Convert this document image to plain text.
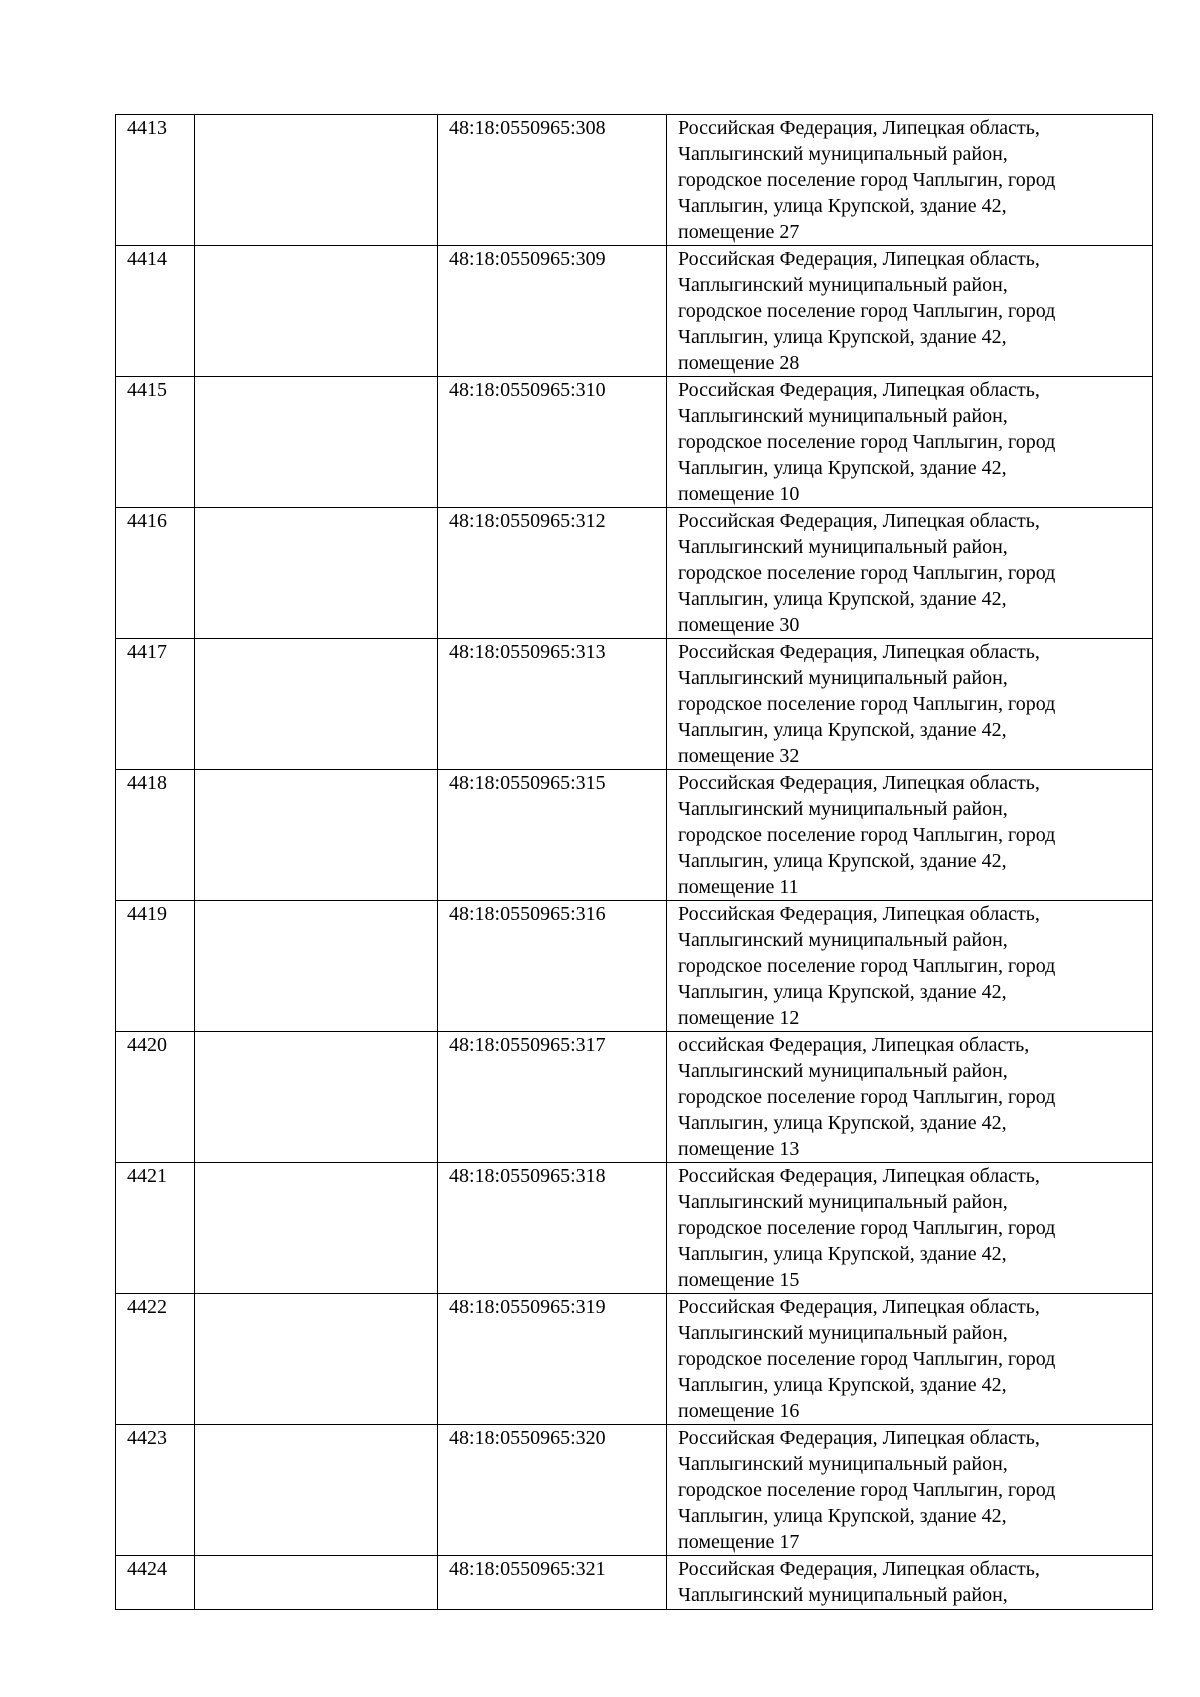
4413		48:18:0550965:308	Российская Федерация, Липецкая область,
Чаплыгинский муниципальный район,
городское поселение город Чаплыгин, город
Чаплыгин, улица Крупской, здание 42,
помещение 27

4414		48:18:0550965:309	Российская Федерация, Липецкая область,
Чаплыгинский муниципальный район,
городское поселение город Чаплыгин, город
Чаплыгин, улица Крупской, здание 42,
помещение 28

4415		48:18:0550965:310	Российская Федерация, Липецкая область,
Чаплыгинский муниципальный район,
городское поселение город Чаплыгин, город
Чаплыгин, улица Крупской, здание 42,
помещение 10

4416		48:18:0550965:312	Российская Федерация, Липецкая область,
Чаплыгинский муниципальный район,
городское поселение город Чаплыгин, город
Чаплыгин, улица Крупской, здание 42,
помещение 30

4417		48:18:0550965:313	Российская Федерация, Липецкая область,
Чаплыгинский муниципальный район,
городское поселение город Чаплыгин, город
Чаплыгин, улица Крупской, здание 42,
помещение 32

4418		48:18:0550965:315	Российская Федерация, Липецкая область,
Чаплыгинский муниципальный район,
городское поселение город Чаплыгин, город
Чаплыгин, улица Крупской, здание 42,
помещение 11

4419		48:18:0550965:316	Российская Федерация, Липецкая область,
Чаплыгинский муниципальный район,
городское поселение город Чаплыгин, город
Чаплыгин, улица Крупской, здание 42,
помещение 12

4420		48:18:0550965:317	оссийская Федерация, Липецкая область,
Чаплыгинский муниципальный район,
городское поселение город Чаплыгин, город
Чаплыгин, улица Крупской, здание 42,
помещение 13

4421		48:18:0550965:318	Российская Федерация, Липецкая область,
Чаплыгинский муниципальный район,
городское поселение город Чаплыгин, город
Чаплыгин, улица Крупской, здание 42,
помещение 15

4422		48:18:0550965:319	Российская Федерация, Липецкая область,
Чаплыгинский муниципальный район,
городское поселение город Чаплыгин, город
Чаплыгин, улица Крупской, здание 42,
помещение 16

4423		48:18:0550965:320	Российская Федерация, Липецкая область,
Чаплыгинский муниципальный район,
городское поселение город Чаплыгин, город
Чаплыгин, улица Крупской, здание 42,
помещение 17

4424		48:18:0550965:321	Российская Федерация, Липецкая область,
Чаплыгинский муниципальный район,
